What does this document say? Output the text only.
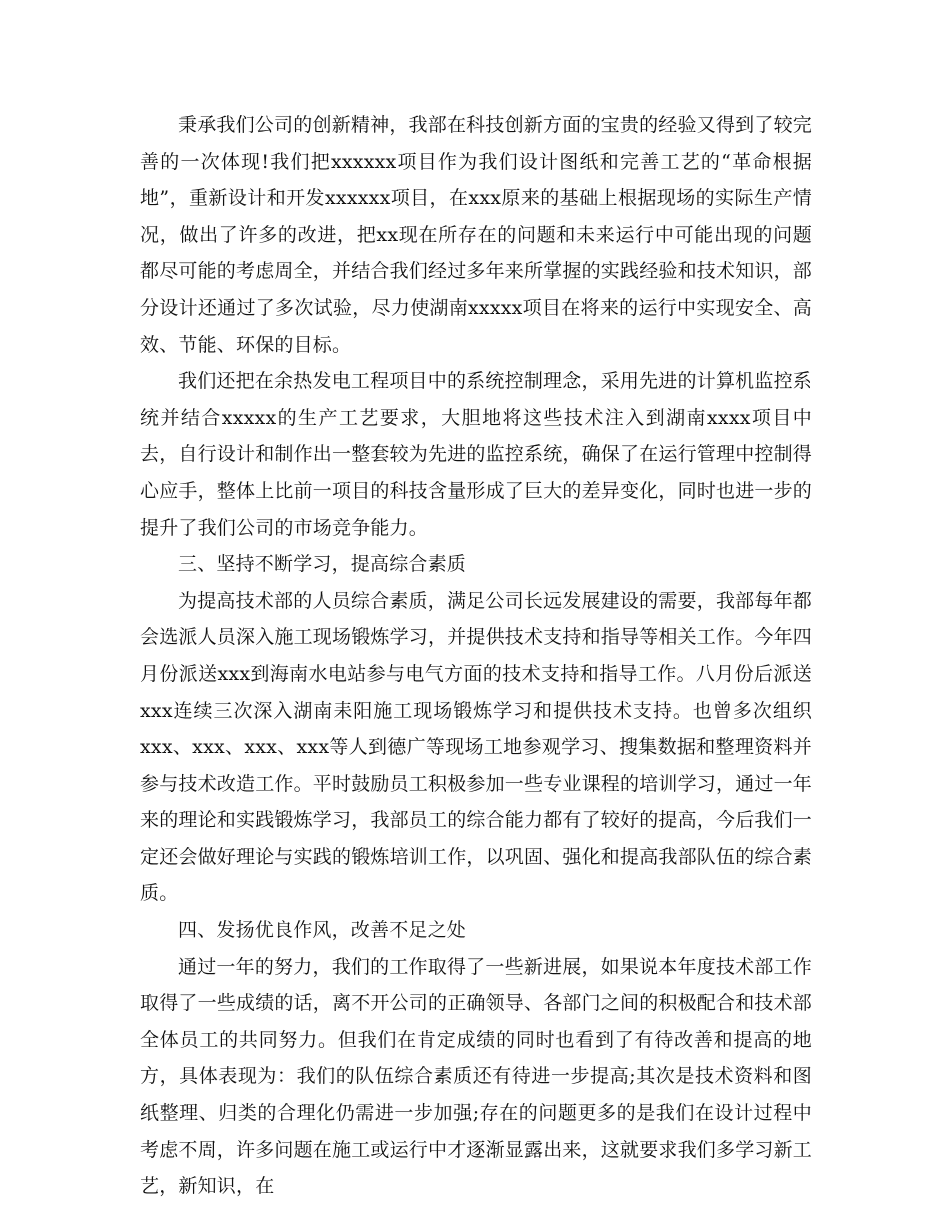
秉承我们公司的创新精神，我部在科技创新方面的宝贵的经验又得到了较完善的一次体现!我们把xxxxxx项目作为我们设计图纸和完善工艺的“革命根据地”，重新设计和开发xxxxxx项目，在xxx原来的基础上根据现场的实际生产情况，做出了许多的改进，把xx现在所存在的问题和未来运行中可能出现的问题都尽可能的考虑周全，并结合我们经过多年来所掌握的实践经验和技术知识，部分设计还通过了多次试验，尽力使湖南xxxxx项目在将来的运行中实现安全、高效、节能、环保的目标。

我们还把在余热发电工程项目中的系统控制理念，采用先进的计算机监控系统并结合xxxxx的生产工艺要求，大胆地将这些技术注入到湖南xxxx项目中去，自行设计和制作出一整套较为先进的监控系统，确保了在运行管理中控制得心应手，整体上比前一项目的科技含量形成了巨大的差异变化，同时也进一步的提升了我们公司的市场竞争能力。

三、坚持不断学习，提高综合素质

为提高技术部的人员综合素质，满足公司长远发展建设的需要，我部每年都会选派人员深入施工现场锻炼学习，并提供技术支持和指导等相关工作。今年四月份派送xxx到海南水电站参与电气方面的技术支持和指导工作。八月份后派送xxx连续三次深入湖南耒阳施工现场锻炼学习和提供技术支持。也曾多次组织xxx、xxx、xxx、xxx等人到德广等现场工地参观学习、搜集数据和整理资料并参与技术改造工作。平时鼓励员工积极参加一些专业课程的培训学习，通过一年来的理论和实践锻炼学习，我部员工的综合能力都有了较好的提高，今后我们一定还会做好理论与实践的锻炼培训工作，以巩固、强化和提高我部队伍的综合素质。

四、发扬优良作风，改善不足之处

通过一年的努力，我们的工作取得了一些新进展，如果说本年度技术部工作取得了一些成绩的话，离不开公司的正确领导、各部门之间的积极配合和技术部全体员工的共同努力。但我们在肯定成绩的同时也看到了有待改善和提高的地方，具体表现为：我们的队伍综合素质还有待进一步提高;其次是技术资料和图纸整理、归类的合理化仍需进一步加强;存在的问题更多的是我们在设计过程中考虑不周，许多问题在施工或运行中才逐渐显露出来，这就要求我们多学习新工艺，新知识，在
